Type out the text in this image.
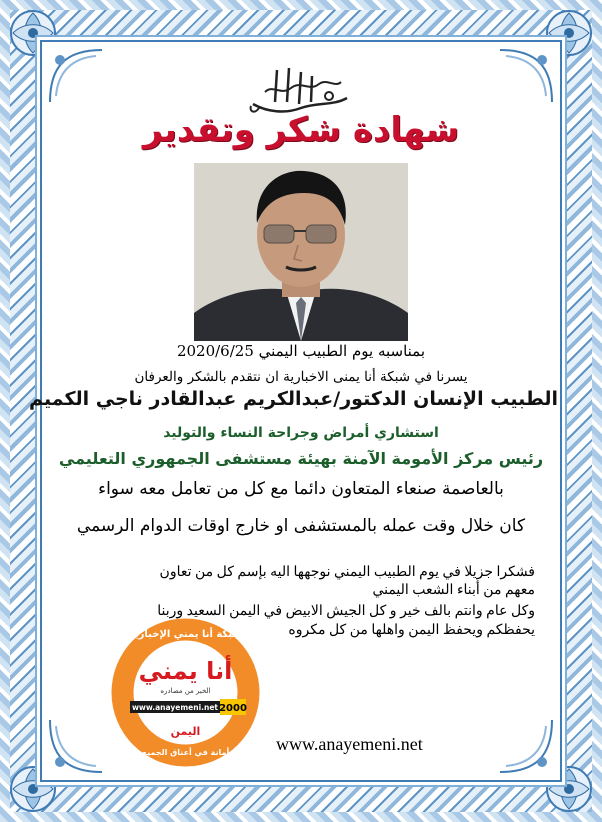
شهادة شكر وتقدير
بمناسبه يوم الطبيب اليمني 2020/6/25
يسرنا في شبكة أنا يمنى الاخبارية ان نتقدم بالشكر والعرفان
الطبيب الإنسان الدكتور/عبدالكريم عبدالقادر ناجي الكميم
استشاري أمراض وجراحة النساء والتوليد
رئيس مركز الأمومة الآمنة بهيئة مستشفى الجمهوري التعليمي
بالعاصمة صنعاء المتعاون دائما مع كل من تعامل معه سواء
كان خلال وقت عمله بالمستشفى او خارج اوقات الدوام الرسمي
فشكرا جزيلا في يوم الطبيب اليمني نوجهها اليه بإسم كل من تعاون
معهم من أبناء الشعب اليمني
وكل عام وانتم بالف خير و كل الجيش الابيض في اليمن السعيد وربنا
يحفظكم ويحفظ اليمن واهلها من كل مكروه
شبكة أنا يمني الإخبارية
أنا يمني
الخبر من مصادره
2000
www.anayemeni.net
اليمن
أمانة في أعناق الجميع	www.anayemeni.net
